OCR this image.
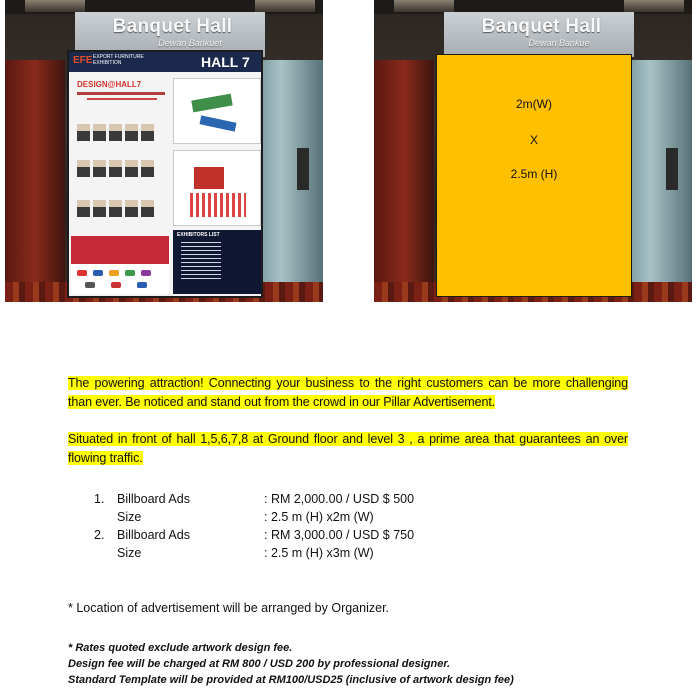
Banquet Hall
Dewan Bankuet
EFE EXPORT FURNITURE EXHIBITION	HALL 7
DESIGN@HALL7
EXHIBITORS LIST
Banquet Hall
Dewan Bankue
2m(W)
X
2.5m (H)
The powering attraction! Connecting your business to the right customers can be more challenging than ever. Be noticed and stand out from the crowd in our Pillar Advertisement.
Situated in front of hall 1,5,6,7,8 at Ground floor and level 3 , a prime area that guarantees an over flowing traffic.
1. Billboard Ads	: RM 2,000.00 / USD $ 500
Size	: 2.5 m (H) x2m (W)
2. Billboard Ads	: RM 3,000.00 / USD $ 750
Size	: 2.5 m (H) x3m (W)
* Location of advertisement will be arranged by Organizer.
* Rates quoted exclude artwork design fee.
Design fee will be charged at RM 800 / USD 200 by professional designer.
Standard Template will be provided at RM100/USD25 (inclusive of artwork design fee)
